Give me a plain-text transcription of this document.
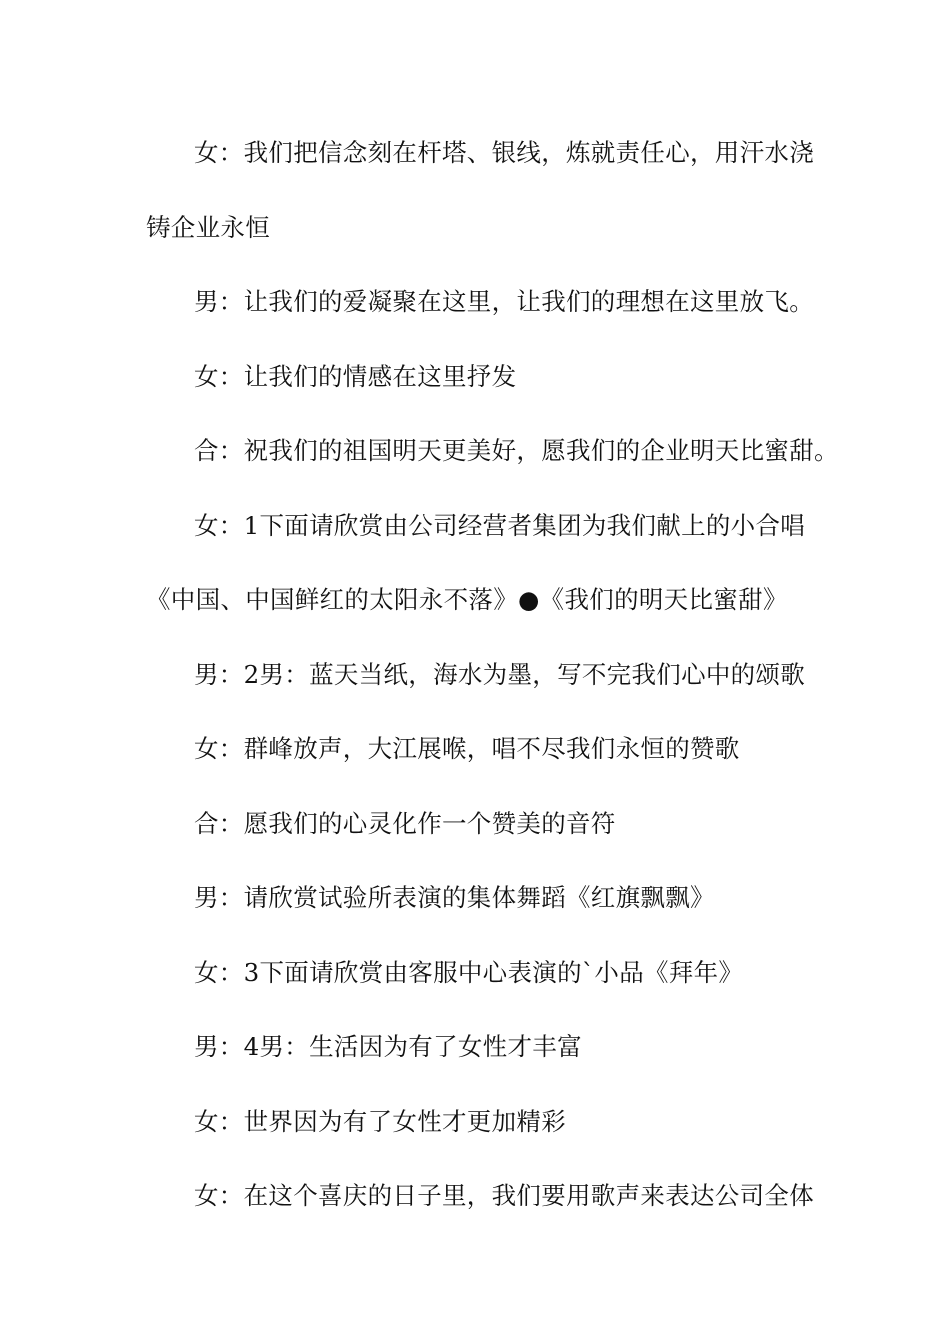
女：我们把信念刻在杆塔、银线，炼就责任心，用汗水浇
铸企业永恒
男：让我们的爱凝聚在这里，让我们的理想在这里放飞。
女：让我们的情感在这里抒发
合：祝我们的祖国明天更美好，愿我们的企业明天比蜜甜。
女：1下面请欣赏由公司经营者集团为我们献上的小合唱
《中国、中国鲜红的太阳永不落》●《我们的明天比蜜甜》
男：2男：蓝天当纸，海水为墨，写不完我们心中的颂歌
女：群峰放声，大江展喉，唱不尽我们永恒的赞歌
合：愿我们的心灵化作一个赞美的音符
男：请欣赏试验所表演的集体舞蹈《红旗飘飘》
女：3下面请欣赏由客服中心表演的`小品《拜年》
男：4男：生活因为有了女性才丰富
女：世界因为有了女性才更加精彩
女：在这个喜庆的日子里，我们要用歌声来表达公司全体
